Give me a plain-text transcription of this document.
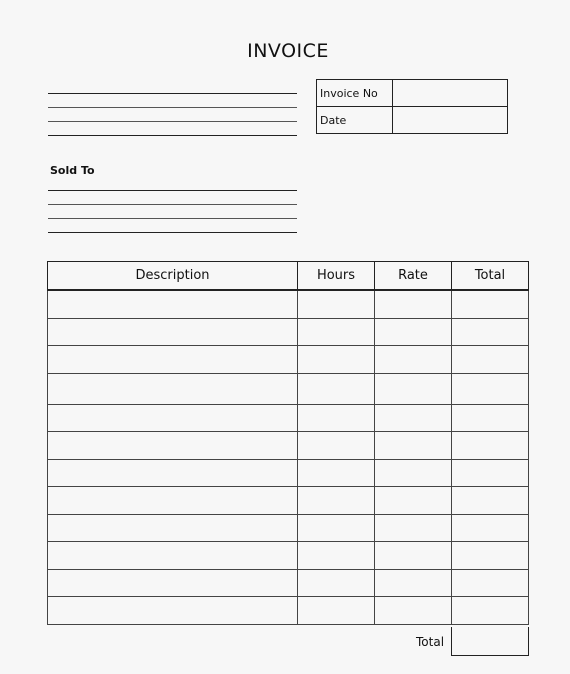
INVOICE
Invoice No	
Date	
Sold To
Description	Hours	Rate	Total

Total
